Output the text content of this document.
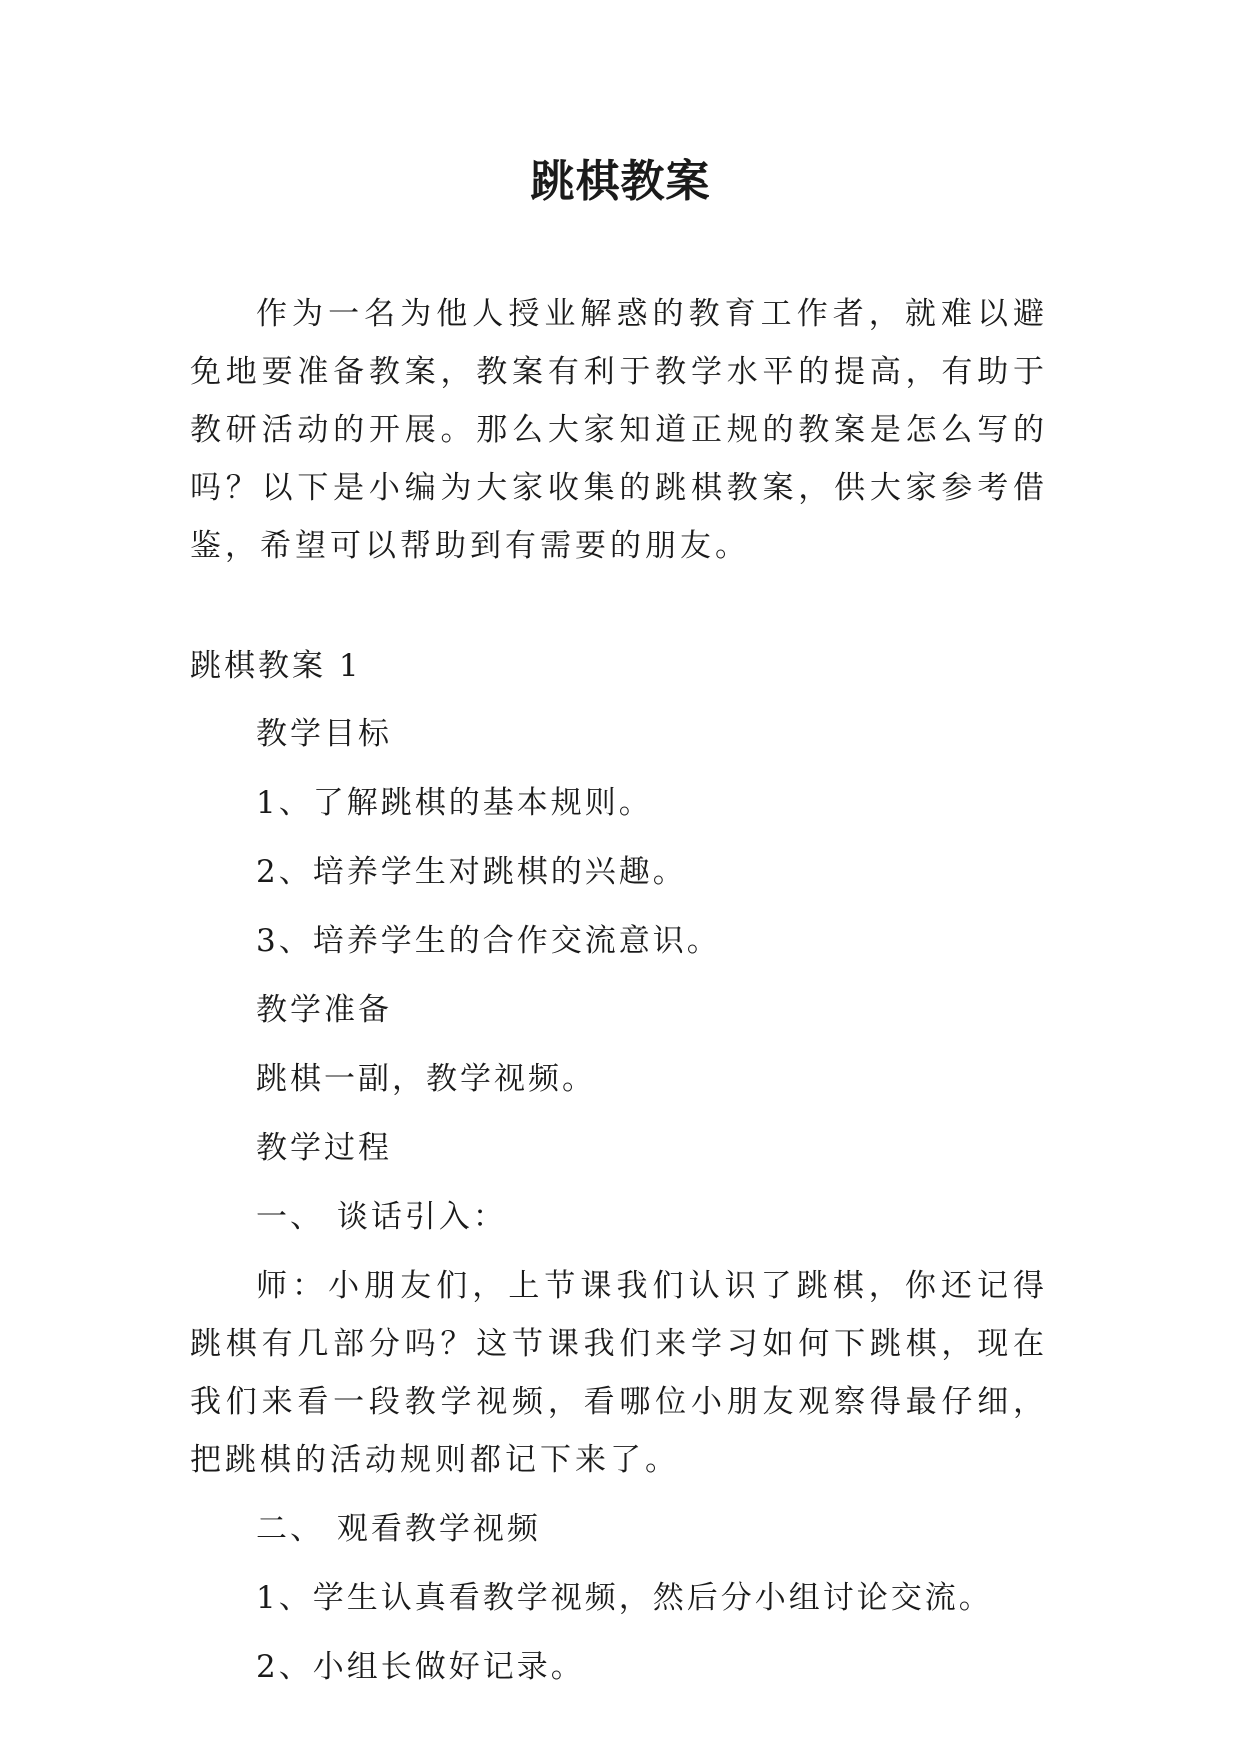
跳棋教案

作为一名为他人授业解惑的教育工作者，就难以避免地要准备教案，教案有利于教学水平的提高，有助于教研活动的开展。那么大家知道正规的教案是怎么写的吗？以下是小编为大家收集的跳棋教案，供大家参考借鉴，希望可以帮助到有需要的朋友。

跳棋教案 1

教学目标

1、了解跳棋的基本规则。

2、培养学生对跳棋的兴趣。

3、培养学生的合作交流意识。

教学准备

跳棋一副，教学视频。

教学过程

一、 谈话引入：

师：小朋友们，上节课我们认识了跳棋，你还记得跳棋有几部分吗？这节课我们来学习如何下跳棋，现在我们来看一段教学视频，看哪位小朋友观察得最仔细，把跳棋的活动规则都记下来了。

二、 观看教学视频

1、学生认真看教学视频，然后分小组讨论交流。

2、小组长做好记录。
